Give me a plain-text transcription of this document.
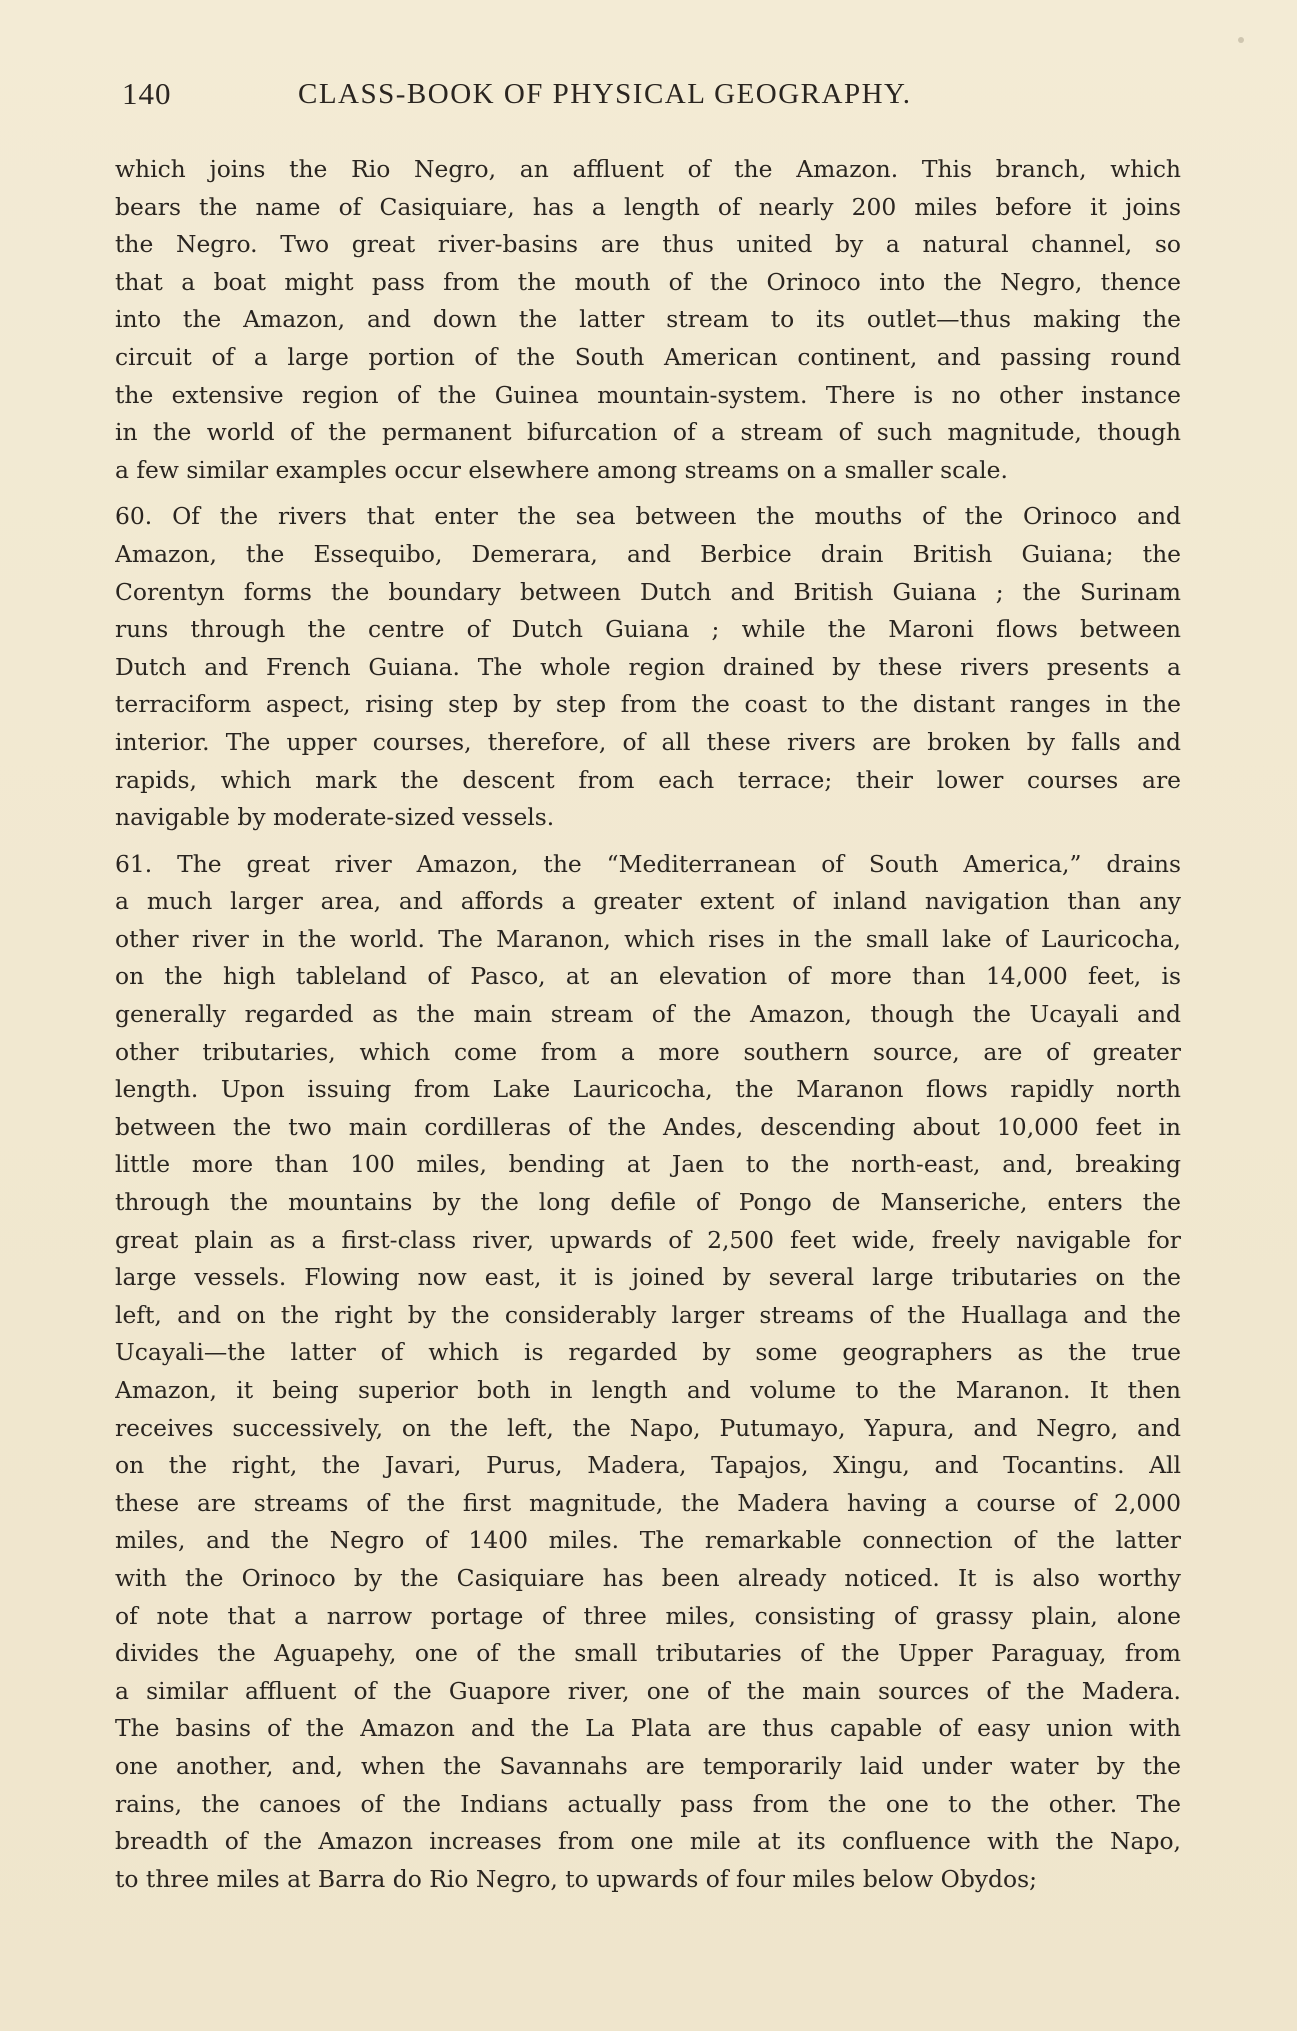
140	CLASS-BOOK OF PHYSICAL GEOGRAPHY.
which joins the Rio Negro, an affluent of the Amazon. This branch, which
bears the name of Casiquiare, has a length of nearly 200 miles before it joins
the Negro. Two great river-basins are thus united by a natural channel, so
that a boat might pass from the mouth of the Orinoco into the Negro, thence
into the Amazon, and down the latter stream to its outlet—thus making the
circuit of a large portion of the South American continent, and passing round
the extensive region of the Guinea mountain-system. There is no other instance
in the world of the permanent bifurcation of a stream of such magnitude, though
a few similar examples occur elsewhere among streams on a smaller scale.
60. Of the rivers that enter the sea between the mouths of the Orinoco and
Amazon, the Essequibo, Demerara, and Berbice drain British Guiana; the
Corentyn forms the boundary between Dutch and British Guiana ; the Surinam
runs through the centre of Dutch Guiana ; while the Maroni flows between
Dutch and French Guiana. The whole region drained by these rivers presents a
terraciform aspect, rising step by step from the coast to the distant ranges in the
interior. The upper courses, therefore, of all these rivers are broken by falls and
rapids, which mark the descent from each terrace; their lower courses are
navigable by moderate-sized vessels.
61. The great river Amazon, the “Mediterranean of South America,” drains
a much larger area, and affords a greater extent of inland navigation than any
other river in the world. The Maranon, which rises in the small lake of Lauricocha,
on the high tableland of Pasco, at an elevation of more than 14,000 feet, is
generally regarded as the main stream of the Amazon, though the Ucayali and
other tributaries, which come from a more southern source, are of greater
length. Upon issuing from Lake Lauricocha, the Maranon flows rapidly north
between the two main cordilleras of the Andes, descending about 10,000 feet in
little more than 100 miles, bending at Jaen to the north-east, and, breaking
through the mountains by the long defile of Pongo de Manseriche, enters the
great plain as a first-class river, upwards of 2,500 feet wide, freely navigable for
large vessels. Flowing now east, it is joined by several large tributaries on the
left, and on the right by the considerably larger streams of the Huallaga and the
Ucayali—the latter of which is regarded by some geographers as the true
Amazon, it being superior both in length and volume to the Maranon. It then
receives successively, on the left, the Napo, Putumayo, Yapura, and Negro, and
on the right, the Javari, Purus, Madera, Tapajos, Xingu, and Tocantins. All
these are streams of the first magnitude, the Madera having a course of 2,000
miles, and the Negro of 1400 miles. The remarkable connection of the latter
with the Orinoco by the Casiquiare has been already noticed. It is also worthy
of note that a narrow portage of three miles, consisting of grassy plain, alone
divides the Aguapehy, one of the small tributaries of the Upper Paraguay, from
a similar affluent of the Guapore river, one of the main sources of the Madera.
The basins of the Amazon and the La Plata are thus capable of easy union with
one another, and, when the Savannahs are temporarily laid under water by the
rains, the canoes of the Indians actually pass from the one to the other. The
breadth of the Amazon increases from one mile at its confluence with the Napo,
to three miles at Barra do Rio Negro, to upwards of four miles below Obydos;
